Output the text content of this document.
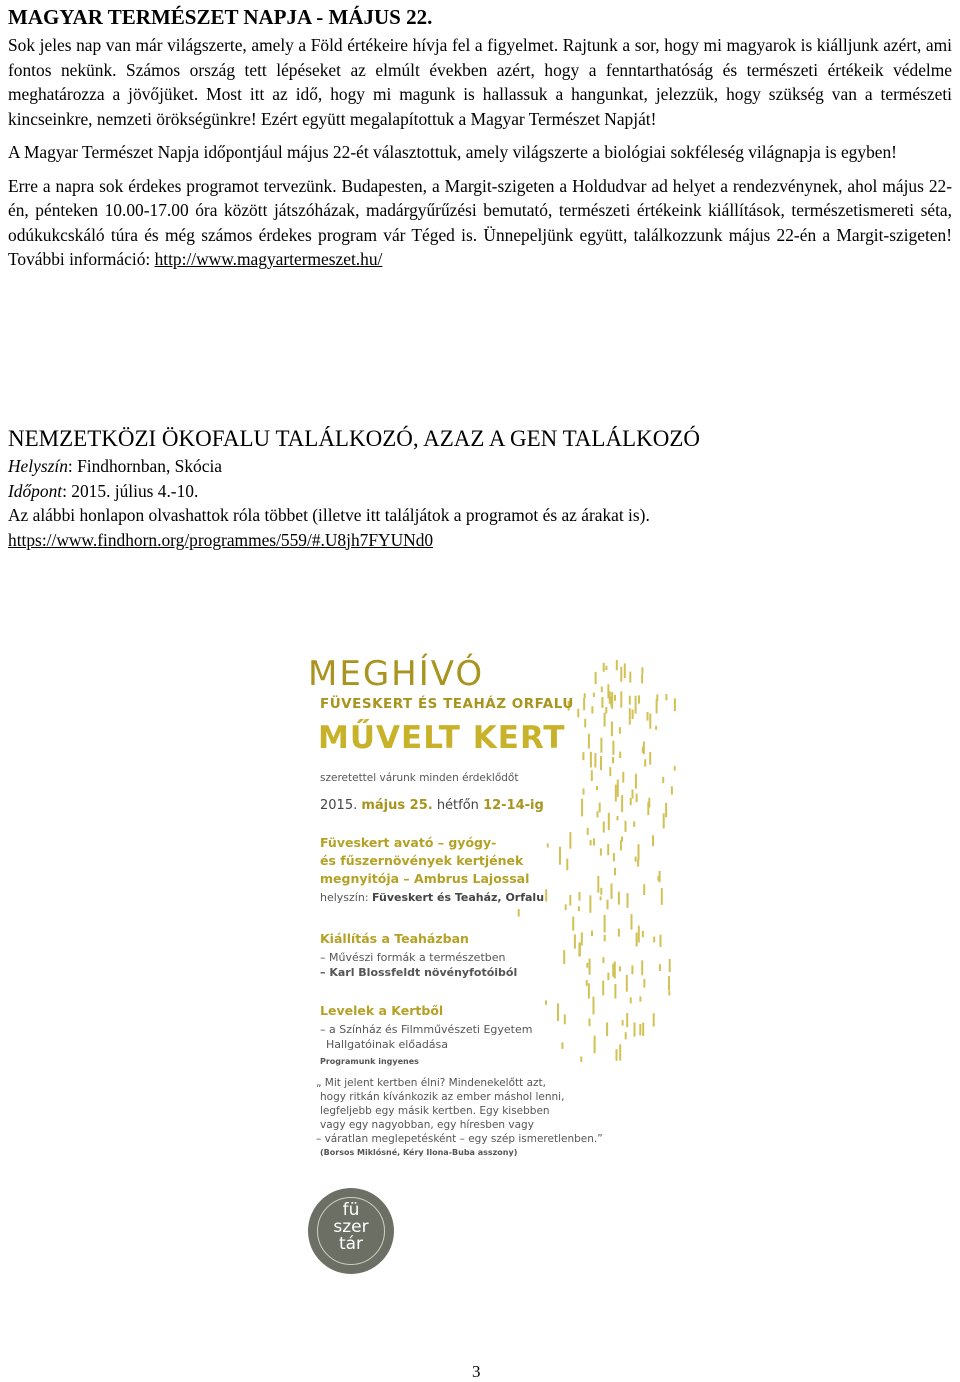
MAGYAR TERMÉSZET NAPJA - MÁJUS 22.

Sok jeles nap van már világszerte, amely a Föld értékeire hívja fel a figyelmet. Rajtunk a sor, hogy mi magyarok is kiálljunk azért, ami fontos nekünk. Számos ország tett lépéseket az elmúlt években azért, hogy a fenntarthatóság és természeti értékeik védelme meghatározza a jövőjüket. Most itt az idő, hogy mi magunk is hallassuk a hangunkat, jelezzük, hogy szükség van a természeti kincseinkre, nemzeti örökségünkre! Ezért együtt megalapítottuk a Magyar Természet Napját!

A Magyar Természet Napja időpontjául május 22-ét választottuk, amely világszerte a biológiai sokféleség világnapja is egyben!

Erre a napra sok érdekes programot tervezünk. Budapesten, a Margit-szigeten a Holdudvar ad helyet a rendezvénynek, ahol május 22- én, pénteken 10.00-17.00 óra között játszóházak, madárgyűrűzési bemutató, természeti értékeink kiállítások, természetismereti séta, odúkukcskáló túra és még számos érdekes program vár Téged is. Ünnepeljünk együtt, találkozzunk május 22-én a Margit-szigeten! További információ: http://www.magyartermeszet.hu/

NEMZETKÖZI ÖKOFALU TALÁLKOZÓ, AZAZ A GEN TALÁLKOZÓ

Helyszín: Findhornban, Skócia

Időpont: 2015. július 4.-10.

Az alábbi honlapon olvashattok róla többet (illetve itt találjátok a programot és az árakat is).

https://www.findhorn.org/programmes/559/#.U8jh7FYUNd0

MEGHÍVÓ
FÜVESKERT ÉS TEAHÁZ ORFALU
MŰVELT KERT
szeretettel várunk minden érdeklődőt
2015. május 25. hétfőn 12-14-ig
Füveskert avató – gyógy-
és fűszernövények kertjének
megnyitója – Ambrus Lajossal
helyszín: Füveskert és Teaház, Orfalu
Kiállítás a Teaházban
– Művészi formák a természetben
– Karl Blossfeldt növényfotóiból
Levelek a Kertből
– a Színház és Filmművészeti Egyetem
Hallgatóinak előadása
Programunk ingyenes
„ Mit jelent kertben élni? Mindenekelőtt azt,
hogy ritkán kívánkozik az ember máshol lenni,
legfeljebb egy másik kertben. Egy kisebben
vagy egy nagyobban, egy híresben vagy
– váratlan meglepetésként – egy szép ismeretlenben.”
(Borsos Miklósné, Kéry Ilona-Buba asszony)
fü
szer
tár
3
